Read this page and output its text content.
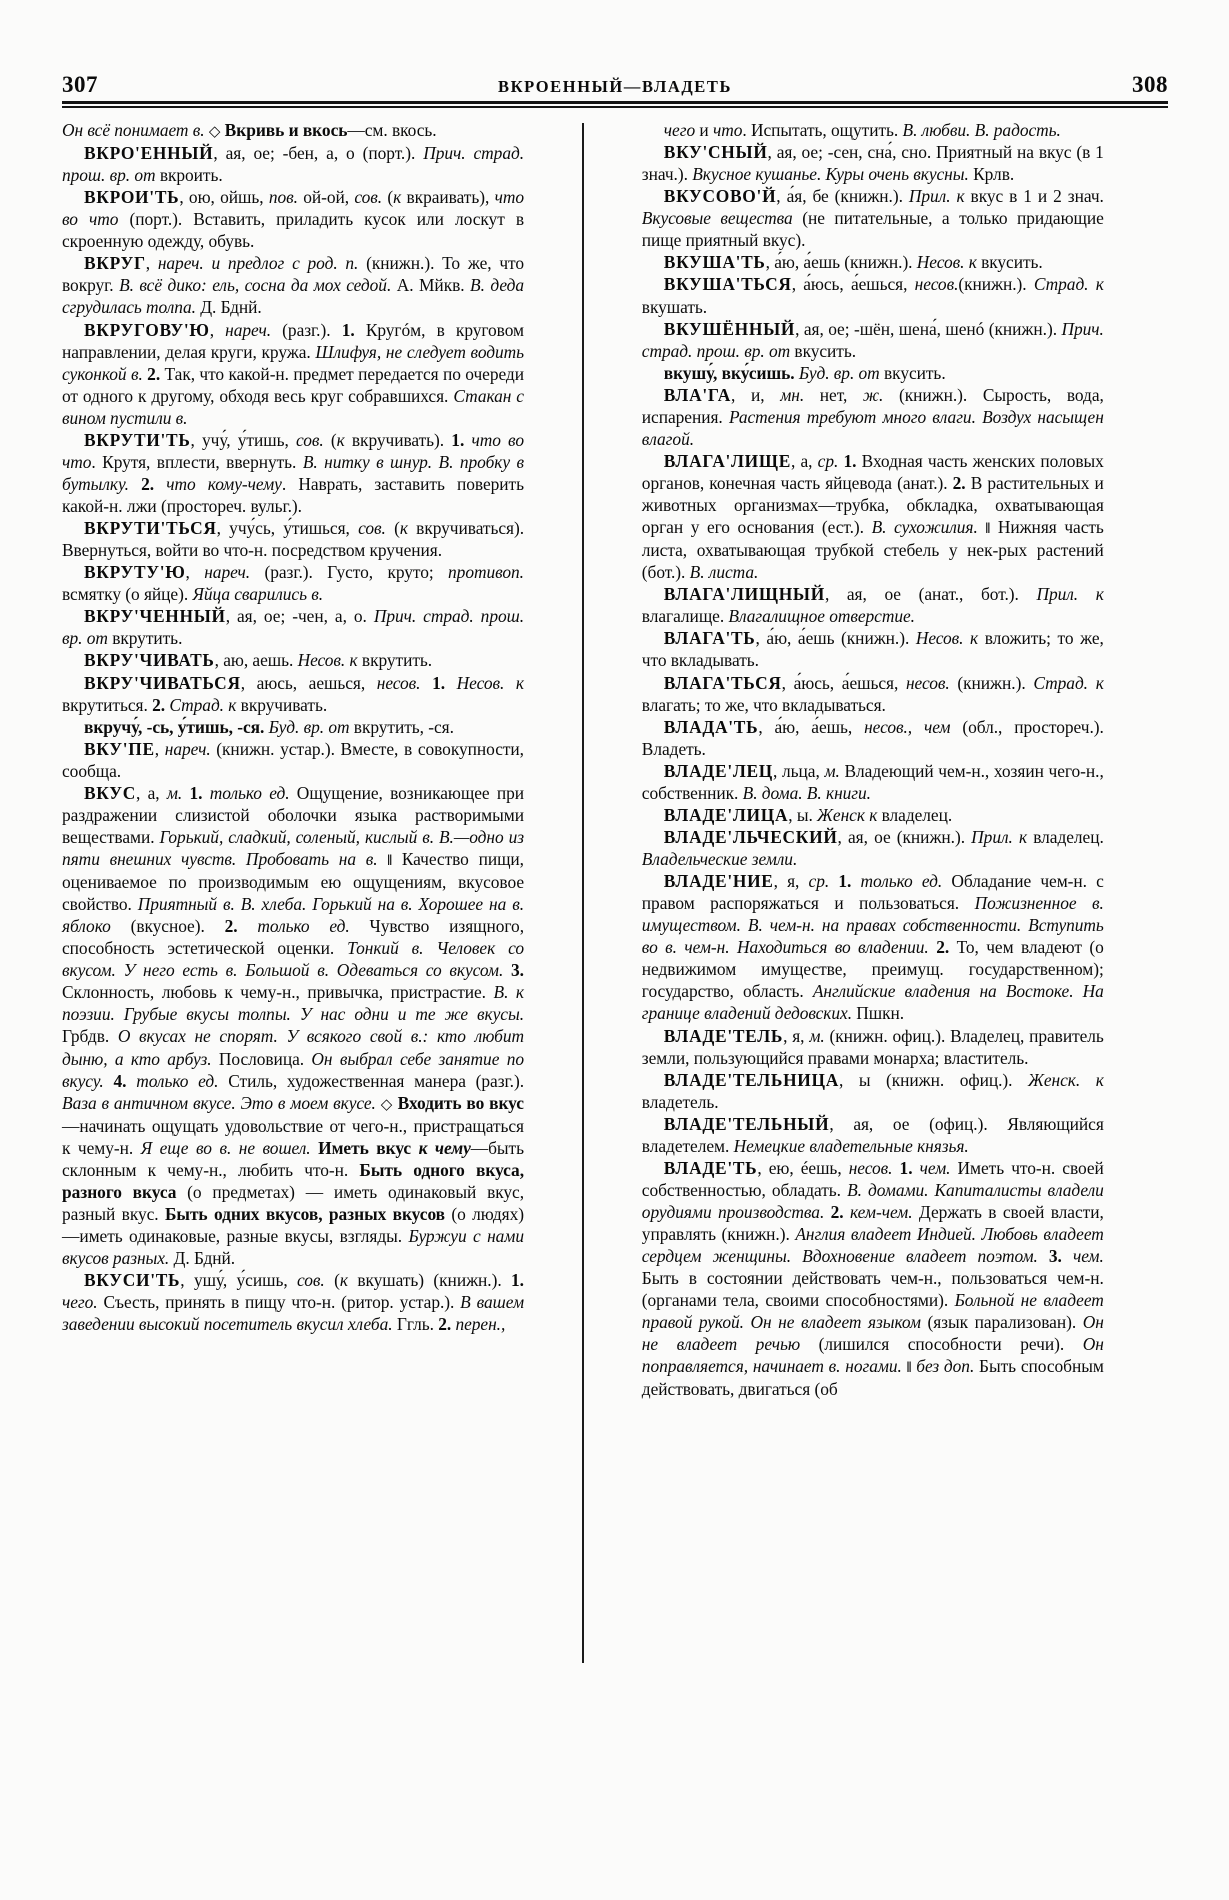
307	ВКРОЕННЫЙ—ВЛАДЕТЬ	308

Он всё понимает в. ◇ Вкривь и вкось—см. вкось.

ВКРО'ЕННЫЙ, ая, ое; -бен, а, о (порт.). Прич. страд. прош. вр. от вкроить.

ВКРОИ'ТЬ, ою, ойшь, пов. ой-ой, сов. (к вкраивать), что во что (порт.). Вставить, приладить кусок или лоскут в скроенную одежду, обувь.

ВКРУГ, нареч. и предлог с род. п. (книжн.). То же, что вокруг. В. всё дико: ель, сосна да мох седой. А. Мйкв. В. деда сгрудилась толпа. Д. Бднй.

ВКРУГОВУ'Ю, нареч. (разг.). 1. Кругóм, в круговом направлении, делая круги, кружа. Шлифуя, не следует водить суконкой в. 2. Так, что какой-н. предмет передается по очереди от одного к другому, обходя весь круг собравшихся. Стакан с вином пустили в.

ВКРУТИ'ТЬ, учу́, у́тишь, сов. (к вкручивать). 1. что во что. Крутя, вплести, ввернуть. В. нитку в шнур. В. пробку в бутылку. 2. что кому-чему. Наврать, заставить поверить какой-н. лжи (простореч. вульг.).

ВКРУТИ'ТЬСЯ, учу́сь, у́тишься, сов. (к вкручиваться). Ввернуться, войти во что-н. посредством кручения.

ВКРУТУ'Ю, нареч. (разг.). Густо, круто; противоп. всмятку (о яйце). Яйца сварились в.

ВКРУ'ЧЕННЫЙ, ая, ое; -чен, а, о. Прич. страд. прош. вр. от вкрутить.

ВКРУ'ЧИВАТЬ, аю, аешь. Несов. к вкрутить.

ВКРУ'ЧИВАТЬСЯ, аюсь, аешься, несов. 1. Несов. к вкрутиться. 2. Страд. к вкручивать.

вкручу́, -сь, у́тишь, -ся. Буд. вр. от вкрутить, -ся.

ВКУ'ПЕ, нареч. (книжн. устар.). Вместе, в совокупности, сообща.

ВКУС, а, м. 1. только ед. Ощущение, возникающее при раздражении слизистой оболочки языка растворимыми веществами. Горький, сладкий, соленый, кислый в. В.—одно из пяти внешних чувств. Пробовать на в. ‖ Качество пищи, оцениваемое по производимым ею ощущениям, вкусовое свойство. Приятный в. В. хлеба. Горький на в. Хорошее на в. яблоко (вкусное). 2. только ед. Чувство изящного, способность эстетической оценки. Тонкий в. Человек со вкусом. У него есть в. Большой в. Одеваться со вкусом. 3. Склонность, любовь к чему-н., привычка, пристрастие. В. к поэзии. Грубые вкусы толпы. У нас одни и те же вкусы. Грбдв. О вкусах не спорят. У всякого свой в.: кто любит дыню, а кто арбуз. Пословица. Он выбрал себе занятие по вкусу. 4. только ед. Стиль, художественная манера (разг.). Ваза в античном вкусе. Это в моем вкусе. ◇ Входить во вкус—начинать ощущать удовольствие от чего-н., пристращаться к чему-н. Я еще во в. не вошел. Иметь вкус к чему—быть склонным к чему-н., любить что-н. Быть одного вкуса, разного вкуса (о предметах) — иметь одинаковый вкус, разный вкус. Быть одних вкусов, разных вкусов (о людях)—иметь одинаковые, разные вкусы, взгляды. Буржуи с нами вкусов разных. Д. Бднй.

ВКУСИ'ТЬ, ушу́, у́сишь, сов. (к вкушать) (книжн.). 1. чего. Съесть, принять в пищу что-н. (ритор. устар.). В вашем заведении высокий посетитель вкусил хлеба. Ггль. 2. перен.,

чего и что. Испытать, ощутить. В. любви. В. радость.

ВКУ'СНЫЙ, ая, ое; -сен, сна́, сно. Приятный на вкус (в 1 знач.). Вкусное кушанье. Куры очень вкусны. Крлв.

ВКУСОВО'Й, а́я, бе (книжн.). Прил. к вкус в 1 и 2 знач. Вкусовые вещества (не питательные, а только придающие пище приятный вкус).

ВКУША'ТЬ, а́ю, а́ешь (книжн.). Несов. к вкусить.

ВКУША'ТЬСЯ, а́юсь, а́ешься, несов.(книжн.). Страд. к вкушать.

ВКУШЁННЫЙ, ая, ое; -шён, шена́, шенó (книжн.). Прич. страд. прош. вр. от вкусить.

вкушу́, вку́сишь. Буд. вр. от вкусить.

ВЛА'ГА, и, мн. нет, ж. (книжн.). Сырость, вода, испарения. Растения требуют много влаги. Воздух насыщен влагой.

ВЛАГА'ЛИЩЕ, а, ср. 1. Входная часть женских половых органов, конечная часть яйцевода (анат.). 2. В растительных и животных организмах—трубка, обкладка, охватывающая орган у его основания (ест.). В. сухожилия. ‖ Нижняя часть листа, охватывающая трубкой стебель у нек-рых растений (бот.). В. листа.

ВЛАГА'ЛИЩНЫЙ, ая, ое (анат., бот.). Прил. к влагалище. Влагалищное отверстие.

ВЛАГА'ТЬ, а́ю, а́ешь (книжн.). Несов. к вложить; то же, что вкладывать.

ВЛАГА'ТЬСЯ, а́юсь, а́ешься, несов. (книжн.). Страд. к влагать; то же, что вкладываться.

ВЛАДА'ТЬ, а́ю, а́ешь, несов., чем (обл., простореч.). Владеть.

ВЛАДЕ'ЛЕЦ, льца, м. Владеющий чем-н., хозяин чего-н., собственник. В. дома. В. книги.

ВЛАДЕ'ЛИЦА, ы. Женск к владелец.

ВЛАДЕ'ЛЬЧЕСКИЙ, ая, ое (книжн.). Прил. к владелец. Владельческие земли.

ВЛАДЕ'НИЕ, я, ср. 1. только ед. Обладание чем-н. с правом распоряжаться и пользоваться. Пожизненное в. имуществом. В. чем-н. на правах собственности. Вступить во в. чем-н. Находиться во владении. 2. То, чем владеют (о недвижимом имуществе, преимущ. государственном); государство, область. Английские владения на Востоке. На границе владений дедовских. Пшкн.

ВЛАДЕ'ТЕЛЬ, я, м. (книжн. офиц.). Владелец, правитель земли, пользующийся правами монарха; властитель.

ВЛАДЕ'ТЕЛЬНИЦА, ы (книжн. офиц.). Женск. к владетель.

ВЛАДЕ'ТЕЛЬНЫЙ, ая, ое (офиц.). Являющийся владетелем. Немецкие владетельные князья.

ВЛАДЕ'ТЬ, ею, éешь, несов. 1. чем. Иметь что-н. своей собственностью, обладать. В. домами. Капиталисты владели орудиями производства. 2. кем-чем. Держать в своей власти, управлять (книжн.). Англия владеет Индией. Любовь владеет сердцем женщины. Вдохновение владеет поэтом. 3. чем. Быть в состоянии действовать чем-н., пользоваться чем-н. (органами тела, своими способностями). Больной не владеет правой рукой. Он не владеет языком (язык парализован). Он не владеет речью (лишился способности речи). Он поправляется, начинает в. ногами. ‖ без доп. Быть способным действовать, двигаться (об
